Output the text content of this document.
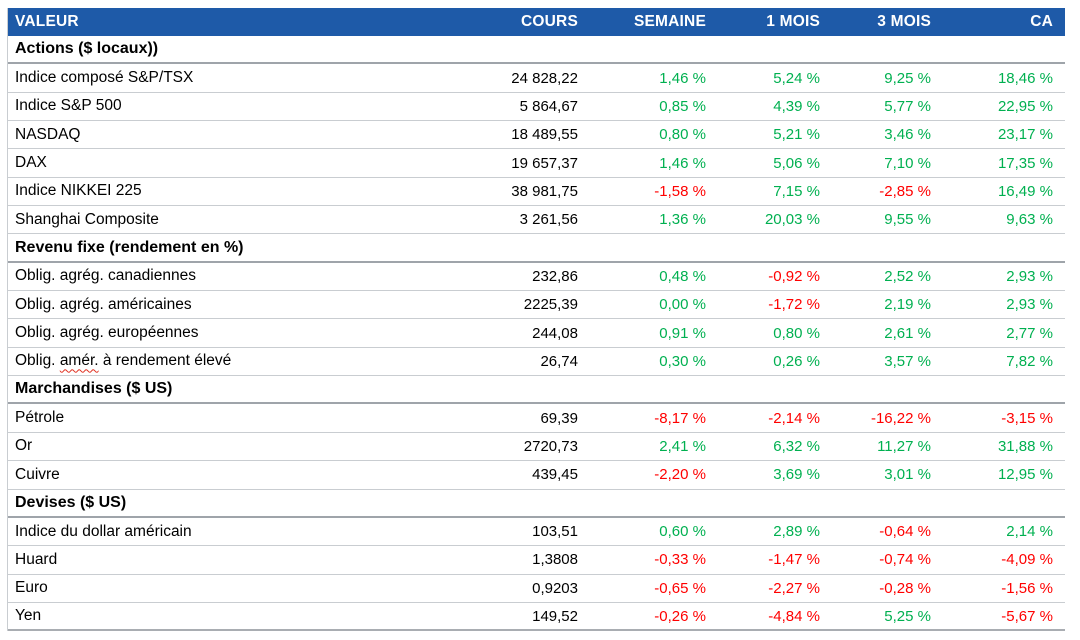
VALEUR	COURS	SEMAINE	1 MOIS	3 MOIS	CA
Actions ($ locaux))
Indice composé S&P/TSX	24 828,22	1,46 %	5,24 %	9,25 %	18,46 %
Indice S&P 500	5 864,67	0,85 %	4,39 %	5,77 %	22,95 %
NASDAQ	18 489,55	0,80 %	5,21 %	3,46 %	23,17 %
DAX	19 657,37	1,46 %	5,06 %	7,10 %	17,35 %
Indice NIKKEI 225	38 981,75	-1,58 %	7,15 %	-2,85 %	16,49 %
Shanghai Composite	3 261,56	1,36 %	20,03 %	9,55 %	9,63 %
Revenu fixe (rendement en %)
Oblig. agrég. canadiennes	232,86	0,48 %	-0,92 %	2,52 %	2,93 %
Oblig. agrég. américaines	2225,39	0,00 %	-1,72 %	2,19 %	2,93 %
Oblig. agrég. européennes	244,08	0,91 %	0,80 %	2,61 %	2,77 %
Oblig. amér. à rendement élevé	26,74	0,30 %	0,26 %	3,57 %	7,82 %
Marchandises ($ US)
Pétrole	69,39	-8,17 %	-2,14 %	-16,22 %	-3,15 %
Or	2720,73	2,41 %	6,32 %	11,27 %	31,88 %
Cuivre	439,45	-2,20 %	3,69 %	3,01 %	12,95 %
Devises ($ US)
Indice du dollar américain	103,51	0,60 %	2,89 %	-0,64 %	2,14 %
Huard	1,3808	-0,33 %	-1,47 %	-0,74 %	-4,09 %
Euro	0,9203	-0,65 %	-2,27 %	-0,28 %	-1,56 %
Yen	149,52	-0,26 %	-4,84 %	5,25 %	-5,67 %
